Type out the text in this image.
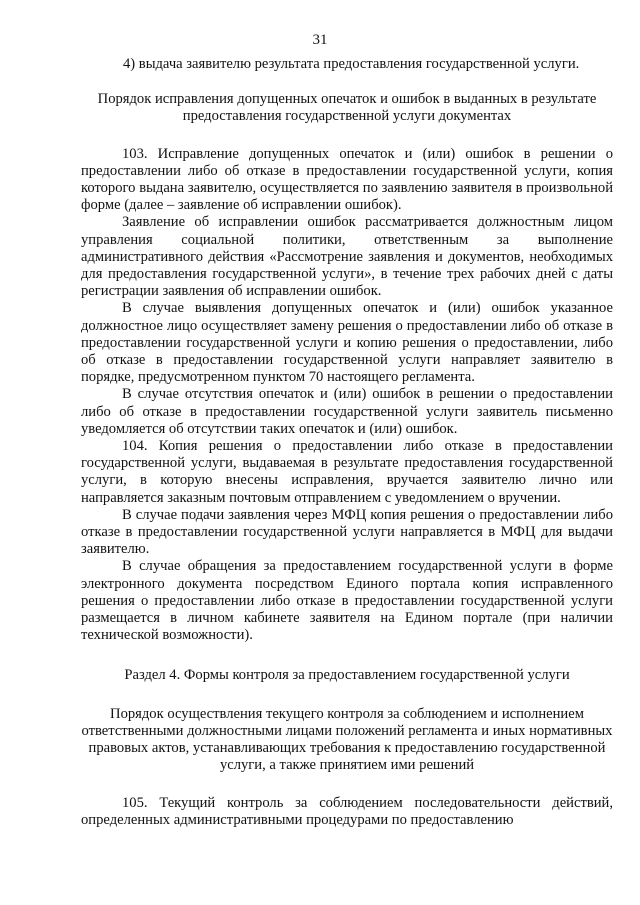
31

4) выдача заявителю результата предоставления государственной услуги.

Порядок исправления допущенных опечаток и ошибок в выданных в результате предоставления государственной услуги документах

103. Исправление допущенных опечаток и (или) ошибок в решении о предоставлении либо об отказе в предоставлении государственной услуги, копия которого выдана заявителю, осуществляется по заявлению заявителя в произвольной форме (далее – заявление об исправлении ошибок).

Заявление об исправлении ошибок рассматривается должностным лицом управления социальной политики, ответственным за выполнение административного действия «Рассмотрение заявления и документов, необходимых для предоставления государственной услуги», в течение трех рабочих дней с даты регистрации заявления об исправлении ошибок.

В случае выявления допущенных опечаток и (или) ошибок указанное должностное лицо осуществляет замену решения о предоставлении либо об отказе в предоставлении государственной услуги и копию решения о предоставлении, либо об отказе в предоставлении государственной услуги направляет заявителю в порядке, предусмотренном пунктом 70 настоящего регламента.

В случае отсутствия опечаток и (или) ошибок в решении о предоставлении либо об отказе в предоставлении государственной услуги заявитель письменно уведомляется об отсутствии таких опечаток и (или) ошибок.

104. Копия решения о предоставлении либо отказе в предоставлении государственной услуги, выдаваемая в результате предоставления государственной услуги, в которую внесены исправления, вручается заявителю лично или направляется заказным почтовым отправлением с уведомлением о вручении.

В случае подачи заявления через МФЦ копия решения о предоставлении либо отказе в предоставлении государственной услуги направляется в МФЦ для выдачи заявителю.

В случае обращения за предоставлением государственной услуги в форме электронного документа посредством Единого портала копия исправленного решения о предоставлении либо отказе в предоставлении государственной услуги размещается в личном кабинете заявителя на Едином портале (при наличии технической возможности).

Раздел 4. Формы контроля за предоставлением государственной услуги

Порядок осуществления текущего контроля за соблюдением и исполнением ответственными должностными лицами положений регламента и иных нормативных правовых актов, устанавливающих требования к предоставлению государственной услуги, а также принятием ими решений

105. Текущий контроль за соблюдением последовательности действий, определенных административными процедурами по предоставлению
